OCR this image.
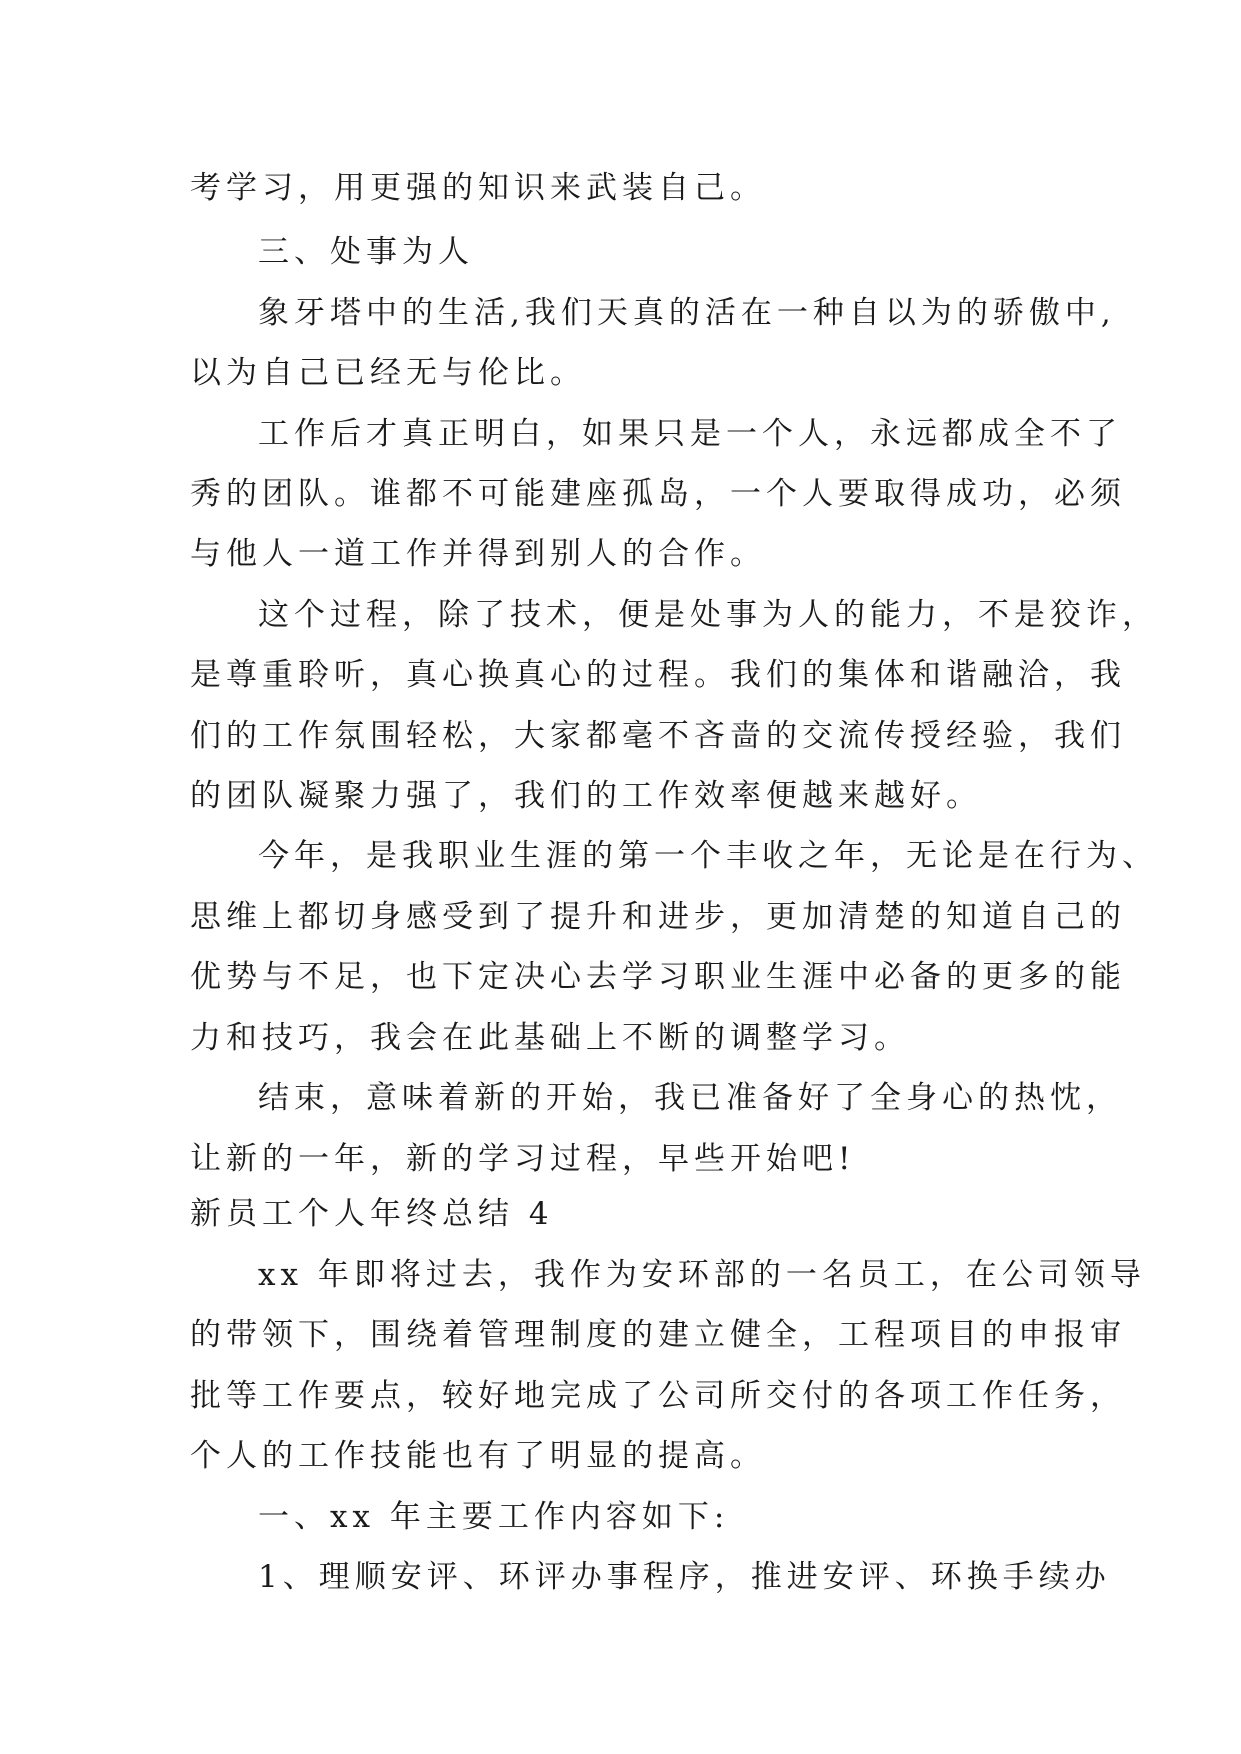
考学习，用更强的知识来武装自己。
三、处事为人
象牙塔中的生活,我们天真的活在一种自以为的骄傲中,
以为自己已经无与伦比。
工作后才真正明白，如果只是一个人，永远都成全不了
秀的团队。谁都不可能建座孤岛，一个人要取得成功，必须
与他人一道工作并得到别人的合作。
这个过程，除了技术，便是处事为人的能力，不是狡诈，
是尊重聆听，真心换真心的过程。我们的集体和谐融洽，我
们的工作氛围轻松，大家都毫不吝啬的交流传授经验，我们
的团队凝聚力强了，我们的工作效率便越来越好。
今年，是我职业生涯的第一个丰收之年，无论是在行为、
思维上都切身感受到了提升和进步，更加清楚的知道自己的
优势与不足，也下定决心去学习职业生涯中必备的更多的能
力和技巧，我会在此基础上不断的调整学习。
结束，意味着新的开始，我已准备好了全身心的热忱，
让新的一年，新的学习过程，早些开始吧!
新员工个人年终总结 4
xx 年即将过去，我作为安环部的一名员工，在公司领导
的带领下，围绕着管理制度的建立健全，工程项目的申报审
批等工作要点，较好地完成了公司所交付的各项工作任务，
个人的工作技能也有了明显的提高。
一、xx 年主要工作内容如下:
1、理顺安评、环评办事程序，推进安评、环换手续办
